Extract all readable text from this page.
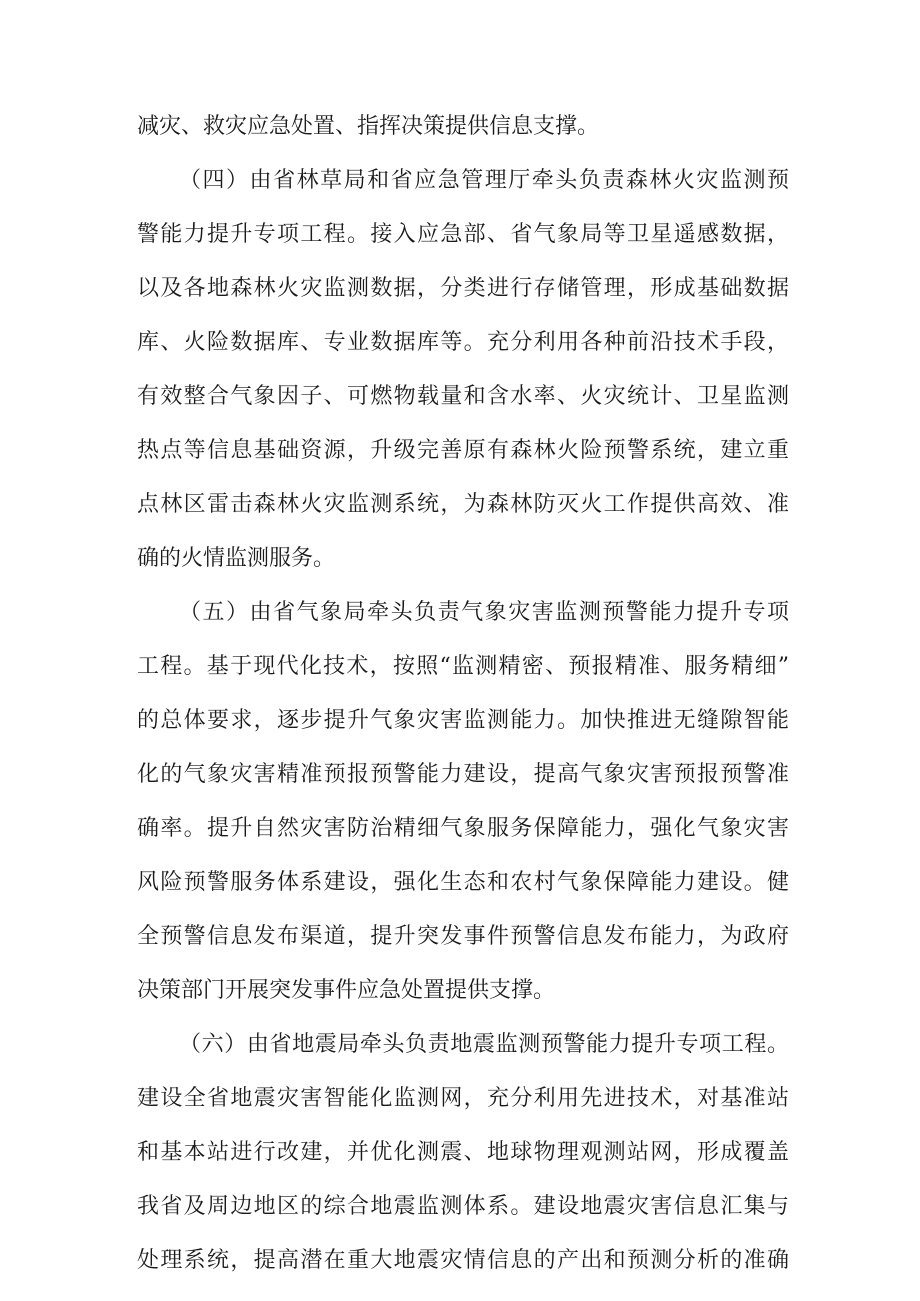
减灾、救灾应急处置、指挥决策提供信息支撑。
（四）由省林草局和省应急管理厅牵头负责森林火灾监测预
警能力提升专项工程。接入应急部、省气象局等卫星遥感数据，
以及各地森林火灾监测数据，分类进行存储管理，形成基础数据
库、火险数据库、专业数据库等。充分利用各种前沿技术手段，
有效整合气象因子、可燃物载量和含水率、火灾统计、卫星监测
热点等信息基础资源，升级完善原有森林火险预警系统，建立重
点林区雷击森林火灾监测系统，为森林防灭火工作提供高效、准
确的火情监测服务。
（五）由省气象局牵头负责气象灾害监测预警能力提升专项
工程。基于现代化技术，按照“监测精密、预报精准、服务精细”
的总体要求，逐步提升气象灾害监测能力。加快推进无缝隙智能
化的气象灾害精准预报预警能力建设，提高气象灾害预报预警准
确率。提升自然灾害防治精细气象服务保障能力，强化气象灾害
风险预警服务体系建设，强化生态和农村气象保障能力建设。健
全预警信息发布渠道，提升突发事件预警信息发布能力，为政府
决策部门开展突发事件应急处置提供支撑。
（六）由省地震局牵头负责地震监测预警能力提升专项工程。
建设全省地震灾害智能化监测网，充分利用先进技术，对基准站
和基本站进行改建，并优化测震、地球物理观测站网，形成覆盖
我省及周边地区的综合地震监测体系。建设地震灾害信息汇集与
处理系统，提高潜在重大地震灾情信息的产出和预测分析的准确
